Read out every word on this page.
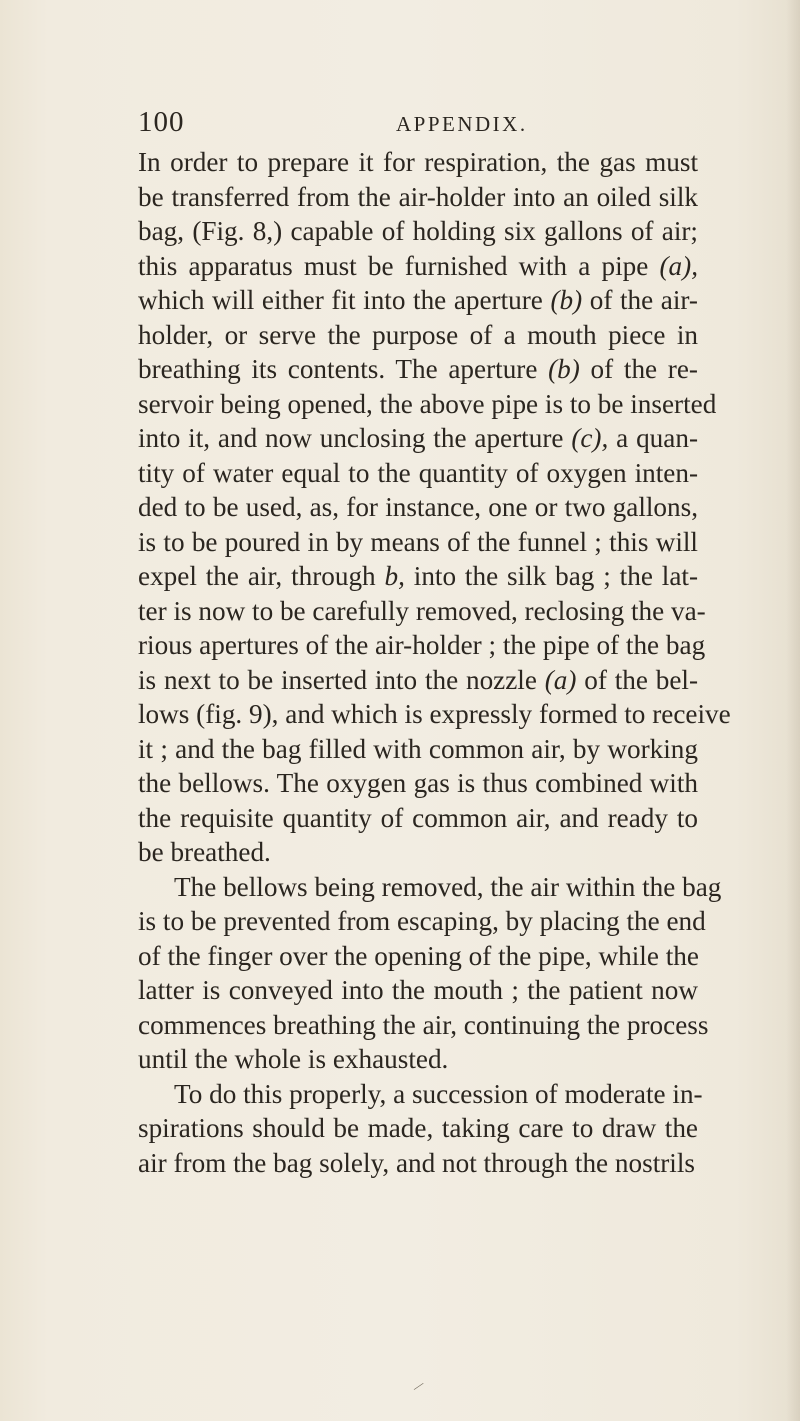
100	APPENDIX.
In order to prepare it for respiration, the gas must
be transferred from the air-holder into an oiled silk
bag, (Fig. 8,) capable of holding six gallons of air;
this apparatus must be furnished with a pipe (a),
which will either fit into the aperture (b) of the air-
holder, or serve the purpose of a mouth piece in
breathing its contents. The aperture (b) of the re-
servoir being opened, the above pipe is to be inserted
into it, and now unclosing the aperture (c), a quan-
tity of water equal to the quantity of oxygen inten-
ded to be used, as, for instance, one or two gallons,
is to be poured in by means of the funnel ; this will
expel the air, through b, into the silk bag ; the lat-
ter is now to be carefully removed, reclosing the va-
rious apertures of the air-holder ; the pipe of the bag
is next to be inserted into the nozzle (a) of the bel-
lows (fig. 9), and which is expressly formed to receive
it ; and the bag filled with common air, by working
the bellows. The oxygen gas is thus combined with
the requisite quantity of common air, and ready to
be breathed.
The bellows being removed, the air within the bag
is to be prevented from escaping, by placing the end
of the finger over the opening of the pipe, while the
latter is conveyed into the mouth ; the patient now
commences breathing the air, continuing the process
until the whole is exhausted.
To do this properly, a succession of moderate in-
spirations should be made, taking care to draw the
air from the bag solely, and not through the nostrils
⁄
